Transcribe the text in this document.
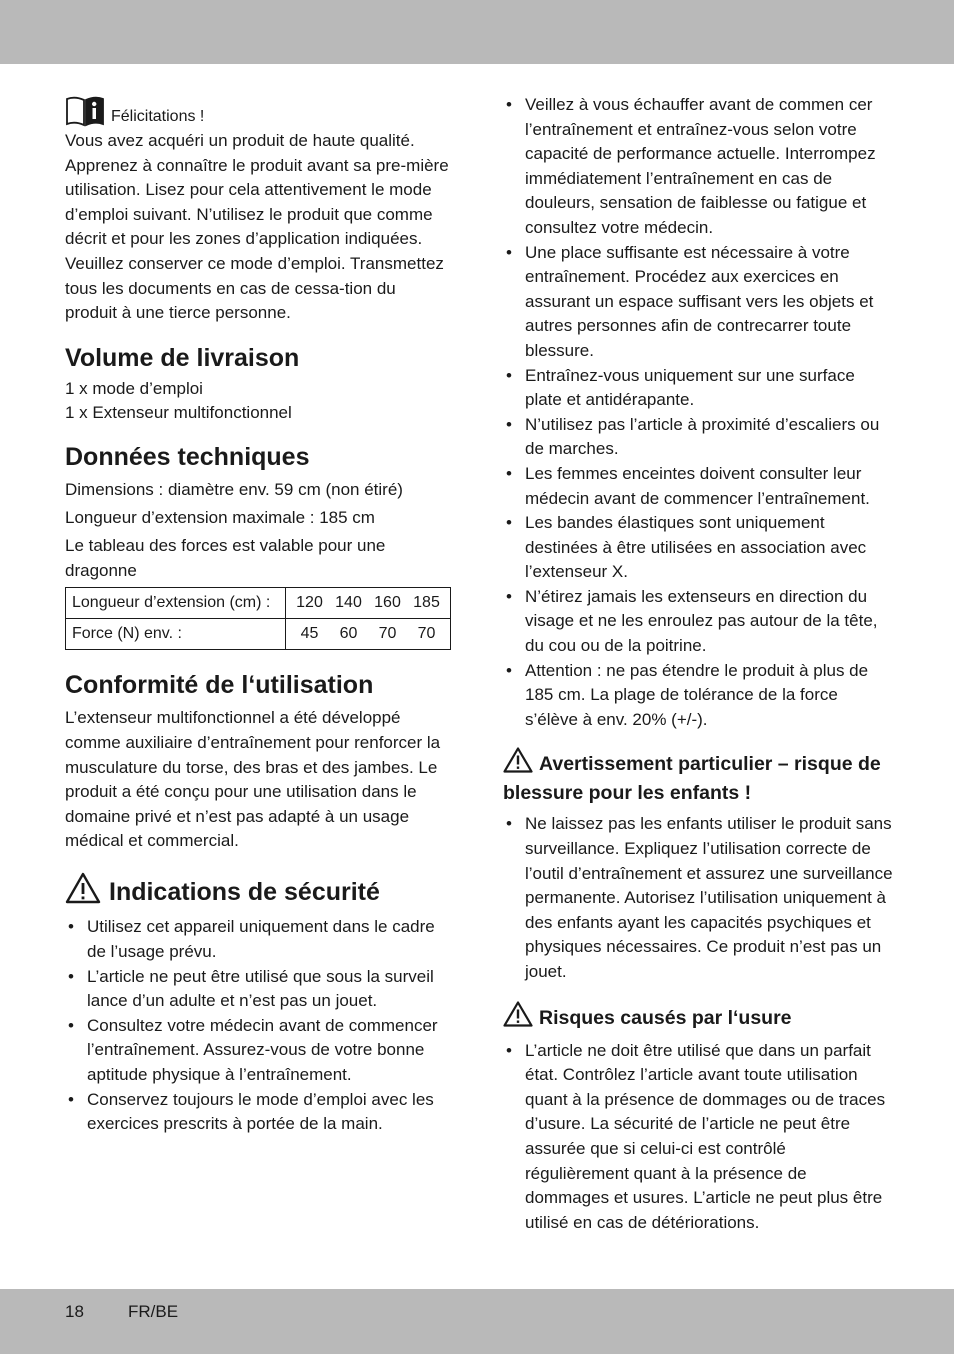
Félicitations !

Vous avez acquéri un produit de haute qualité. Apprenez à connaître le produit avant sa pre-mière utilisation. Lisez pour cela attentivement le mode d’emploi suivant. N’utilisez le produit que comme décrit et pour les zones d’application indiquées. Veuillez conserver ce mode d’emploi. Transmettez tous les documents en cas de cessa-tion du produit à une tierce personne.

Volume de livraison
1 x mode d’emploi
1 x Extenseur multifonctionnel
Données techniques
Dimensions : diamètre env. 59 cm (non étiré)
Longueur d’extension maximale : 185 cm
Le tableau des forces est valable pour une dragonne
Longueur d’extension (cm) :	120 140 160 185

Force (N) env. :	45 60 70 70
Conformité de l‘utilisation

L’extenseur multifonctionnel a été développé comme auxiliaire d’entraînement pour renforcer la musculature du torse, des bras et des jambes. Le produit a été conçu pour une utilisation dans le domaine privé et n’est pas adapté à un usage médical et commercial.

Indications de sécurité
• Utilisez cet appareil uniquement dans le cadre de l’usage prévu.
• L’article ne peut être utilisé que sous la surveil lance d’un adulte et n’est pas un jouet.
• Consultez votre médecin avant de commencer l’entraînement. Assurez-vous de votre bonne aptitude physique à l’entraînement.
• Conservez toujours le mode d’emploi avec les exercices prescrits à portée de la main.
• Veillez à vous échauffer avant de commen cer l’entraînement et entraînez-vous selon votre capacité de performance actuelle. Interrompez immédiatement l’entraînement en cas de douleurs, sensation de faiblesse ou fatigue et consultez votre médecin.
• Une place suffisante est nécessaire à votre entraînement. Procédez aux exercices en assurant un espace suffisant vers les objets et autres personnes afin de contrecarrer toute blessure.
• Entraînez-vous uniquement sur une surface plate et antidérapante.
• N’utilisez pas l’article à proximité d’escaliers ou de marches.
• Les femmes enceintes doivent consulter leur médecin avant de commencer l’entraînement.
• Les bandes élastiques sont uniquement destinées à être utilisées en association avec l’extenseur X.
• N’étirez jamais les extenseurs en direction du visage et ne les enroulez pas autour de la tête, du cou ou de la poitrine.
• Attention : ne pas étendre le produit à plus de 185 cm. La plage de tolérance de la force s’élève à env. 20% (+/-).
Avertissement particulier – risque de blessure pour les enfants !
• Ne laissez pas les enfants utiliser le produit sans surveillance. Expliquez l’utilisation correcte de l’outil d’entraînement et assurez une surveillance permanente. Autorisez l’utilisation uniquement à des enfants ayant les capacités psychiques et physiques nécessaires. Ce produit n’est pas un jouet.
Risques causés par l‘usure
• L’article ne doit être utilisé que dans un parfait état. Contrôlez l’article avant toute utilisation quant à la présence de dommages ou de traces d’usure. La sécurité de l’article ne peut être assurée que si celui-ci est contrôlé régulièrement quant à la présence de dommages et usures. L’article ne peut plus être utilisé en cas de détériorations.
18	FR/BE
